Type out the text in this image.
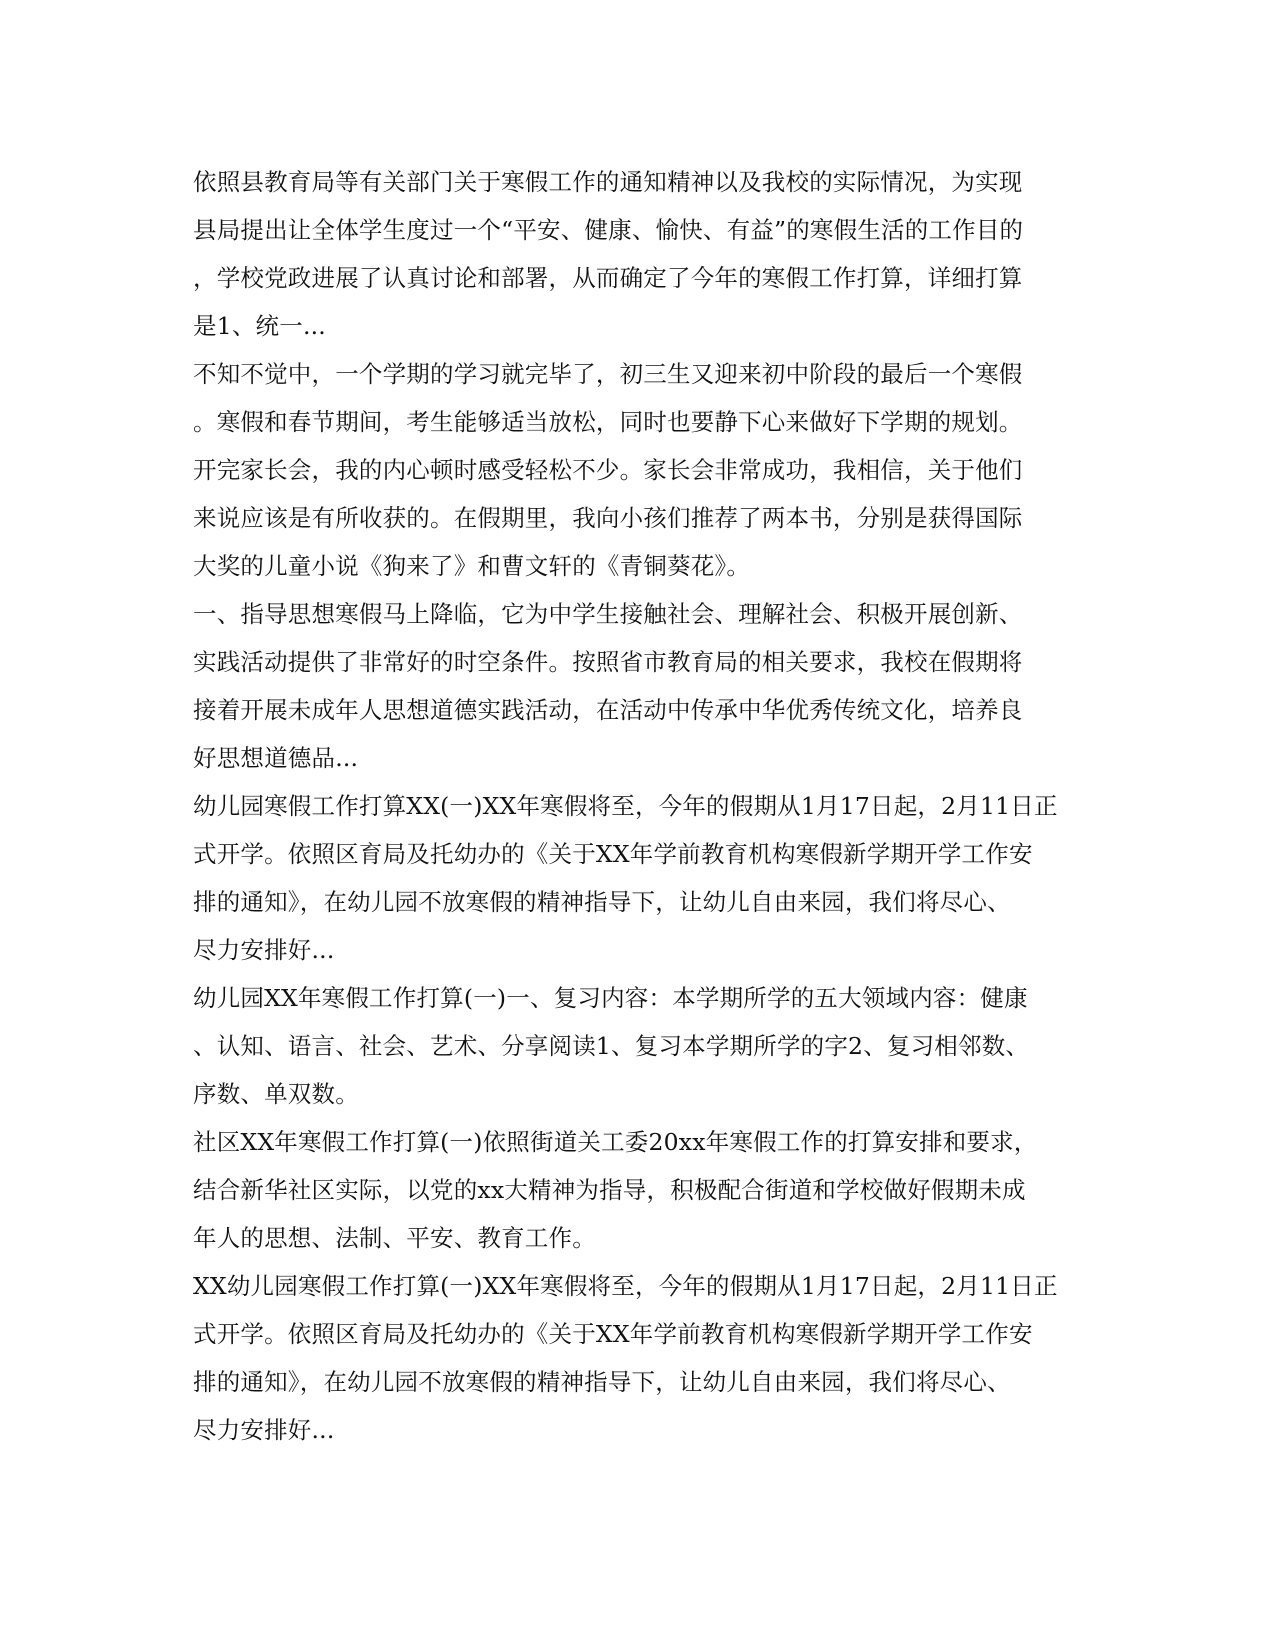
依照县教育局等有关部门关于寒假工作的通知精神以及我校的实际情况，为实现
县局提出让全体学生度过一个“平安、健康、愉快、有益”的寒假生活的工作目的
，学校党政进展了认真讨论和部署，从而确定了今年的寒假工作打算，详细打算
是1、统一...
不知不觉中，一个学期的学习就完毕了，初三生又迎来初中阶段的最后一个寒假
。寒假和春节期间，考生能够适当放松，同时也要静下心来做好下学期的规划。
开完家长会，我的内心顿时感受轻松不少。家长会非常成功，我相信，关于他们
来说应该是有所收获的。在假期里，我向小孩们推荐了两本书，分别是获得国际
大奖的儿童小说《狗来了》和曹文轩的《青铜葵花》。
一、指导思想寒假马上降临，它为中学生接触社会、理解社会、积极开展创新、
实践活动提供了非常好的时空条件。按照省市教育局的相关要求，我校在假期将
接着开展未成年人思想道德实践活动，在活动中传承中华优秀传统文化，培养良
好思想道德品...
幼儿园寒假工作打算XX(一)XX年寒假将至，今年的假期从1月17日起，2月11日正
式开学。依照区育局及托幼办的《关于XX年学前教育机构寒假新学期开学工作安
排的通知》，在幼儿园不放寒假的精神指导下，让幼儿自由来园，我们将尽心、
尽力安排好...
幼儿园XX年寒假工作打算(一)一、复习内容：本学期所学的五大领域内容：健康
、认知、语言、社会、艺术、分享阅读1、复习本学期所学的字2、复习相邻数、
序数、单双数。
社区XX年寒假工作打算(一)依照街道关工委20xx年寒假工作的打算安排和要求，
结合新华社区实际，以党的xx大精神为指导，积极配合街道和学校做好假期未成
年人的思想、法制、平安、教育工作。
XX幼儿园寒假工作打算(一)XX年寒假将至，今年的假期从1月17日起，2月11日正
式开学。依照区育局及托幼办的《关于XX年学前教育机构寒假新学期开学工作安
排的通知》，在幼儿园不放寒假的精神指导下，让幼儿自由来园，我们将尽心、
尽力安排好...
